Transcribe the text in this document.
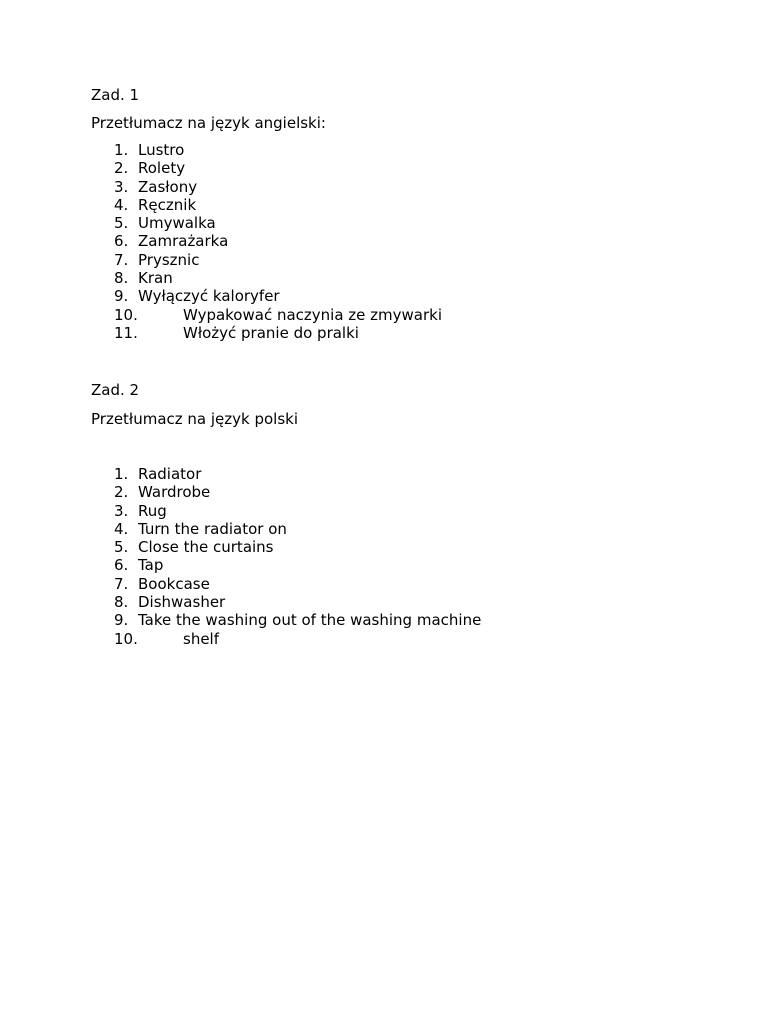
Zad. 1
Przetłumacz na język angielski:
1. Lustro
2. Rolety
3. Zasłony
4. Ręcznik
5. Umywalka
6. Zamrażarka
7. Prysznic
8. Kran
9. Wyłączyć kaloryfer
10.	Wypakować naczynia ze zmywarki
11.	Włożyć pranie do pralki
Zad. 2
Przetłumacz na język polski
1. Radiator
2. Wardrobe
3. Rug
4. Turn the radiator on
5. Close the curtains
6. Tap
7. Bookcase
8. Dishwasher
9. Take the washing out of the washing machine
10.	shelf
